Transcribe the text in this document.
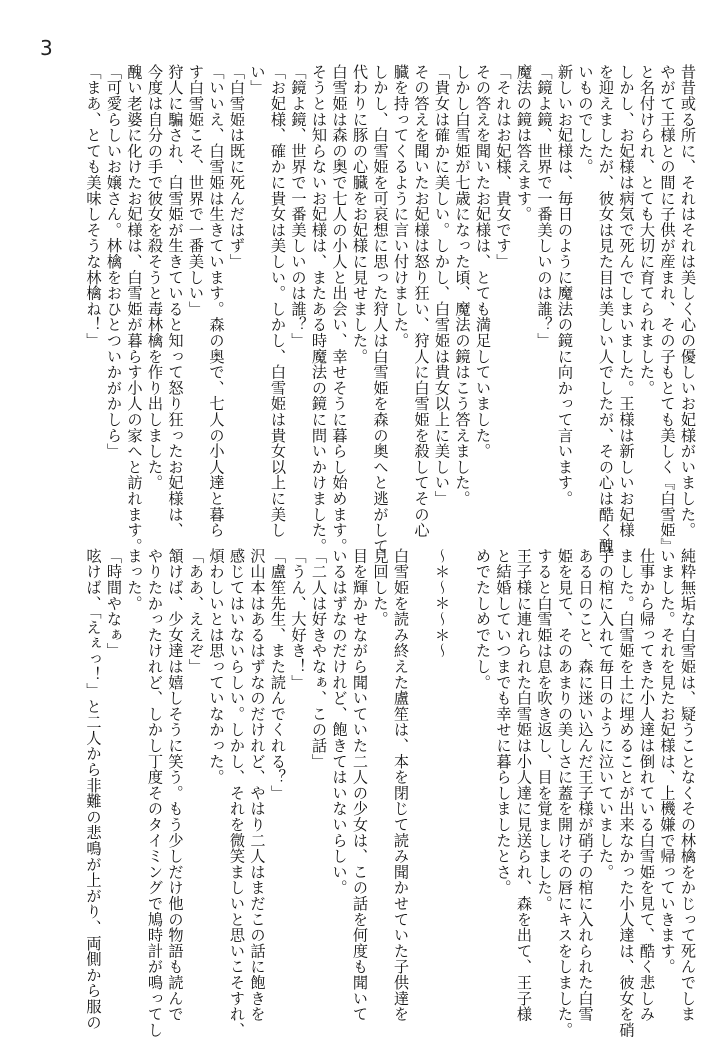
3
昔昔或る所に、それはそれは美しく心の優しいお妃様がいました。
やがて王様との間に子供が産まれ、その子もとても美しく『白雪姫』
と名付けられ、とても大切に育てられました。
しかし、お妃様は病気で死んでしまいました。王様は新しいお妃様
を迎えましたが、彼女は見た目は美しい人でしたが、その心は酷く醜
いものでした。
新しいお妃様は、毎日のように魔法の鏡に向かって言います。
「鏡よ鏡、世界で一番美しいのは誰？」
魔法の鏡は答えます。
「それはお妃様、貴女です」
その答えを聞いたお妃様は、とても満足していました。
しかし白雪姫が七歳になった頃、魔法の鏡はこう答えました。
「貴女は確かに美しい。しかし、白雪姫は貴女以上に美しい」
その答えを聞いたお妃様は怒り狂い、狩人に白雪姫を殺してその心
臓を持ってくるように言い付けました。
しかし、白雪姫を可哀想に思った狩人は白雪姫を森の奥へと逃がして
代わりに豚の心臓をお妃様に見せました。
白雪姫は森の奥で七人の小人と出会い、幸せそうに暮らし始めます。
そうとは知らないお妃様は、またある時魔法の鏡に問いかけました。
「鏡よ鏡、世界で一番美しいのは誰？」
「お妃様、確かに貴女は美しい。しかし、白雪姫は貴女以上に美し
い」
「白雪姫は既に死んだはず」
「いいえ、白雪姫は生きています。森の奥で、七人の小人達と暮ら
す白雪姫こそ、世界で一番美しい」
狩人に騙され、白雪姫が生きていると知って怒り狂ったお妃様は、
今度は自分の手で彼女を殺そうと毒林檎を作り出しました。
醜い老婆に化けたお妃様は、白雪姫が暮らす小人の家へと訪れます。
「可愛らしいお嬢さん。林檎をおひとついかがかしら」
「まあ、とても美味しそうな林檎ね！」
純粋無垢な白雪姫は、疑うことなくその林檎をかじって死んでしま
いました。それを見たお妃様は、上機嫌で帰っていきます。
仕事から帰ってきた小人達は倒れている白雪姫を見て、酷く悲しみ
ました。白雪姫を土に埋めることが出来なかった小人達は、彼女を硝
子の棺に入れて毎日のように泣いていました。
ある日のこと、森に迷い込んだ王子様が硝子の棺に入れられた白雪
姫を見て、そのあまりの美しさに蓋を開けその唇にキスをしました。
すると白雪姫は息を吹き返し、目を覚ましました。
王子様に連れられた白雪姫は小人達に見送られ、森を出て、王子様
と結婚していつまでも幸せに暮らしましたとさ。
めでたしめでたし。

～＊～＊～＊～

白雪姫を読み終えた盧笙は、本を閉じて読み聞かせていた子供達を
見回した。
目を輝かせながら聞いていた二人の少女は、この話を何度も聞いて
いるはずなのだけれど、飽きてはいないらしい。
「二人は好きやなぁ、この話」
「うん、大好き！」
「盧笙先生、また読んでくれる？」
沢山本はあるはずなのだけれど、やはり二人はまだこの話に飽きを
感じてはいないらしい。しかし、それを微笑ましいと思いこそすれ、
煩わしいとは思っていなかった。
「ああ、ええぞ」
頷けば、少女達は嬉しそうに笑う。もう少しだけ他の物語も読んで
やりたかったけれど、しかし丁度そのタイミングで鳩時計が鳴ってし
まった。
「時間やなぁ」
呟けば、「えぇっ！」と二人から非難の悲鳴が上がり、両側から服の
